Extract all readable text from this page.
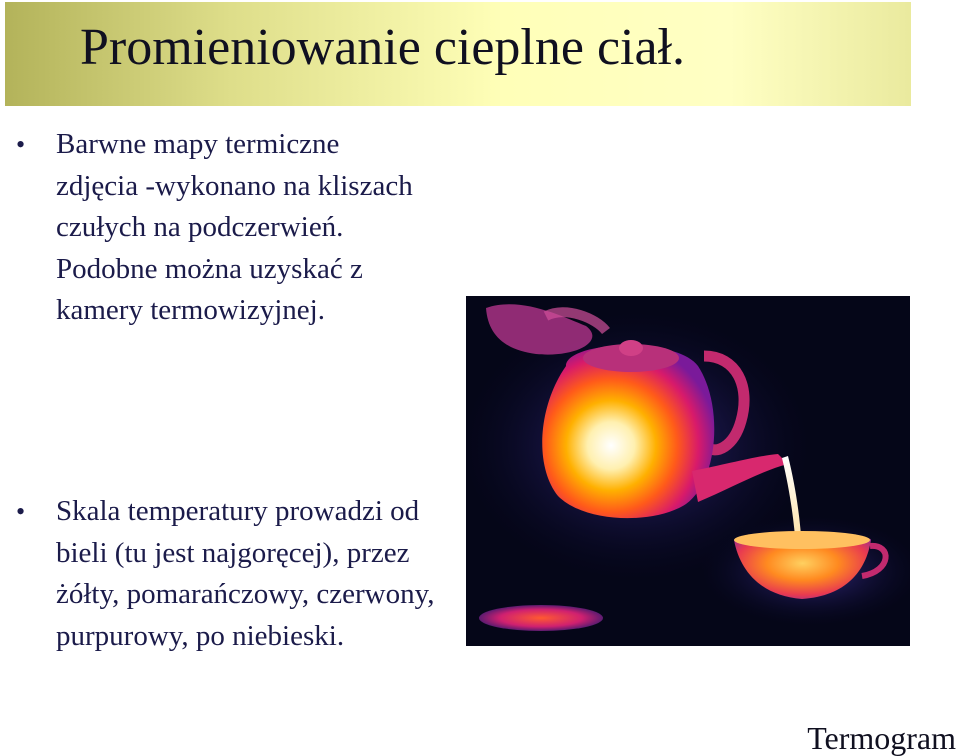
Promieniowanie cieplne ciał.
• Barwne mapy termiczne zdjęcia -wykonano na kliszach czułych na podczerwień. Podobne można uzyskać z kamery termowizyjnej.
• Skala temperatury prowadzi od bieli (tu jest najgoręcej), przez żółty, pomarańczowy, czerwony, purpurowy, po niebieski.
Termogram
